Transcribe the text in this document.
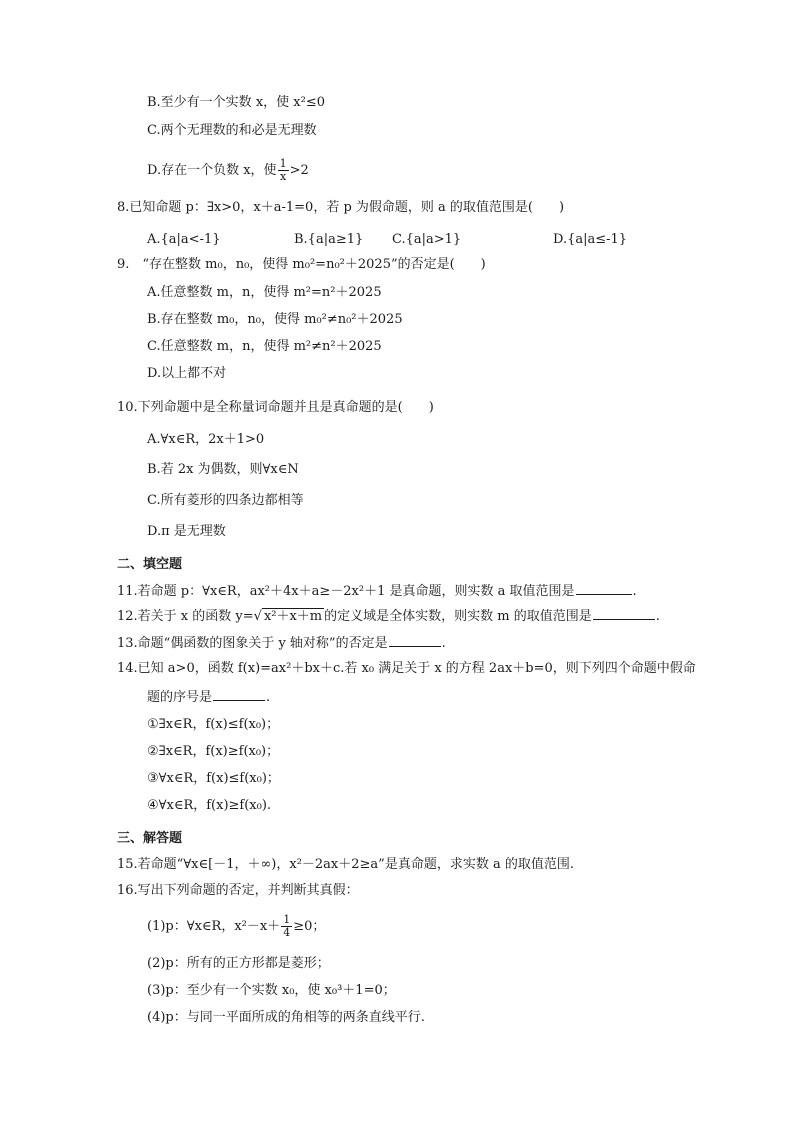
B.至少有一个实数 x，使 x²≤0
C.两个无理数的和必是无理数
D.存在一个负数 x，使 $\frac{1}{x} >2$
8.已知命题 p：∃x>0，x＋a-1=0，若 p 为假命题，则 a 的取值范围是(　　)
A.{a|a<-1}	B.{a|a≥1} C.{a|a>1}	D.{a|a≤-1}
9.　“存在整数 m₀，n₀，使得 m₀²=n₀²＋2025”的否定是(　　)
A.任意整数 m，n，使得 m²=n²＋2025
B.存在整数 m₀，n₀，使得 m₀²≠n₀²＋2025
C.任意整数 m，n，使得 m²≠n²＋2025
D.以上都不对
10.下列命题中是全称量词命题并且是真命题的是(　　)
A.∀x∈R，2x＋1>0
B.若 2x 为偶数，则∀x∈N
C.所有菱形的四条边都相等
D.π 是无理数
二、填空题
11.若命题 p：∀x∈R，ax²＋4x＋a≥－2x²＋1 是真命题，则实数 a 取值范围是	.
12.若关于 x 的函数 y=√ x²＋x＋m 的定义域是全体实数，则实数 m 的取值范围是	.
13.命题“偶函数的图象关于 y 轴对称”的否定是	.
14.已知 a>0，函数 f(x)=ax²＋bx＋c.若 x₀ 满足关于 x 的方程 2ax＋b=0，则下列四个命题中假命
题的序号是	.
①∃x∈R，f(x)≤f(x₀)；
②∃x∈R，f(x)≥f(x₀)；
③∀x∈R，f(x)≤f(x₀)；
④∀x∈R，f(x)≥f(x₀).
三、解答题
15.若命题“∀x∈[－1，＋∞)，x²－2ax＋2≥a”是真命题，求实数 a 的取值范围.
16.写出下列命题的否定，并判断其真假：
(1)p：∀x∈R，$x^2-x+ \frac{1}{4} \ge 0$；
(2)p：所有的正方形都是菱形；
(3)p：至少有一个实数 x₀，使 x₀³＋1=0；
(4)p：与同一平面所成的角相等的两条直线平行.
